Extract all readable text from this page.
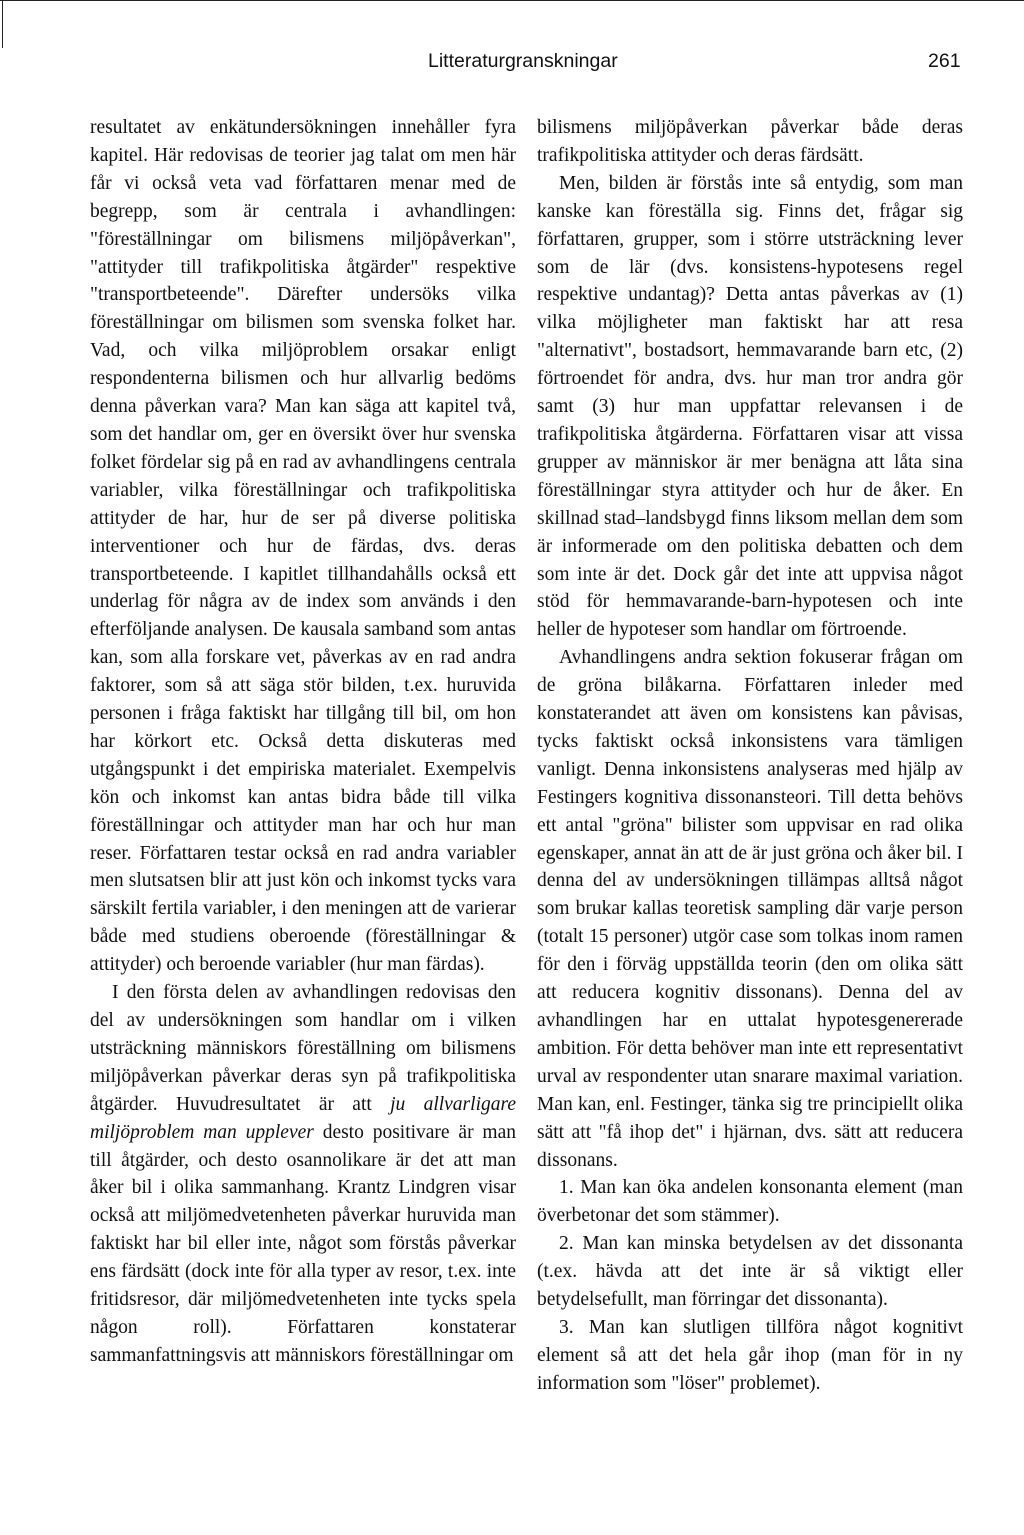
Litteraturgranskningar	261

resultatet av enkätundersökningen innehåller fyra kapitel. Här redovisas de teorier jag talat om men här får vi också veta vad författaren menar med de begrepp, som är centrala i avhandlingen: "föreställningar om bilismens miljöpåverkan", "attityder till trafikpolitiska åtgärder" respektive "transportbeteende". Därefter undersöks vilka föreställningar om bilismen som svenska folket har. Vad, och vilka miljöproblem orsakar enligt respondenterna bilismen och hur allvarlig bedöms denna påverkan vara? Man kan säga att kapitel två, som det handlar om, ger en översikt över hur svenska folket fördelar sig på en rad av avhandlingens centrala variabler, vilka föreställningar och trafikpolitiska attityder de har, hur de ser på diverse politiska interventioner och hur de färdas, dvs. deras transportbeteende. I kapitlet tillhandahålls också ett underlag för några av de index som används i den efterföljande analysen. De kausala samband som antas kan, som alla forskare vet, påverkas av en rad andra faktorer, som så att säga stör bilden, t.ex. huruvida personen i fråga faktiskt har tillgång till bil, om hon har körkort etc. Också detta diskuteras med utgångspunkt i det empiriska materialet. Exempelvis kön och inkomst kan antas bidra både till vilka föreställningar och attityder man har och hur man reser. Författaren testar också en rad andra variabler men slutsatsen blir att just kön och inkomst tycks vara särskilt fertila variabler, i den meningen att de varierar både med studiens oberoende (föreställningar & attityder) och beroende variabler (hur man färdas).

I den första delen av avhandlingen redovisas den del av undersökningen som handlar om i vilken utsträckning människors föreställning om bilismens miljöpåverkan påverkar deras syn på trafikpolitiska åtgärder. Huvudresultatet är att ju allvarligare miljöproblem man upplever desto positivare är man till åtgärder, och desto osannolikare är det att man åker bil i olika sammanhang. Krantz Lindgren visar också att miljömedvetenheten påverkar huruvida man faktiskt har bil eller inte, något som förstås påverkar ens färdsätt (dock inte för alla typer av resor, t.ex. inte fritidsresor, där miljömedvetenheten inte tycks spela någon roll). Författaren konstaterar sammanfattningsvis att människors föreställningar om

bilismens miljöpåverkan påverkar både deras trafikpolitiska attityder och deras färdsätt.

Men, bilden är förstås inte så entydig, som man kanske kan föreställa sig. Finns det, frågar sig författaren, grupper, som i större utsträckning lever som de lär (dvs. konsistens-hypotesens regel respektive undantag)? Detta antas påverkas av (1) vilka möjligheter man faktiskt har att resa "alternativt", bostadsort, hemmavarande barn etc, (2) förtroendet för andra, dvs. hur man tror andra gör samt (3) hur man uppfattar relevansen i de trafikpolitiska åtgärderna. Författaren visar att vissa grupper av människor är mer benägna att låta sina föreställningar styra attityder och hur de åker. En skillnad stad–landsbygd finns liksom mellan dem som är informerade om den politiska debatten och dem som inte är det. Dock går det inte att uppvisa något stöd för hemmavarande-barn-hypotesen och inte heller de hypoteser som handlar om förtroende.

Avhandlingens andra sektion fokuserar frågan om de gröna bilåkarna. Författaren inleder med konstaterandet att även om konsistens kan påvisas, tycks faktiskt också inkonsistens vara tämligen vanligt. Denna inkonsistens analyseras med hjälp av Festingers kognitiva dissonansteori. Till detta behövs ett antal "gröna" bilister som uppvisar en rad olika egenskaper, annat än att de är just gröna och åker bil. I denna del av undersökningen tillämpas alltså något som brukar kallas teoretisk sampling där varje person (totalt 15 personer) utgör case som tolkas inom ramen för den i förväg uppställda teorin (den om olika sätt att reducera kognitiv dissonans). Denna del av avhandlingen har en uttalat hypotesgenererade ambition. För detta behöver man inte ett representativt urval av respondenter utan snarare maximal variation. Man kan, enl. Festinger, tänka sig tre principiellt olika sätt att "få ihop det" i hjärnan, dvs. sätt att reducera dissonans.

1. Man kan öka andelen konsonanta element (man överbetonar det som stämmer).

2. Man kan minska betydelsen av det dissonanta (t.ex. hävda att det inte är så viktigt eller betydelsefullt, man förringar det dissonanta).

3. Man kan slutligen tillföra något kognitivt element så att det hela går ihop (man för in ny information som "löser" problemet).
